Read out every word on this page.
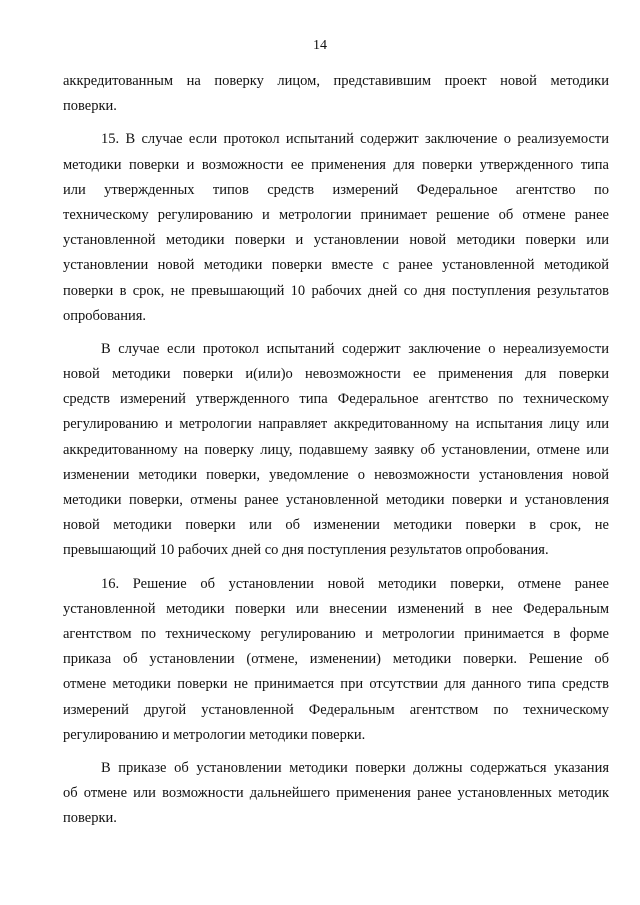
14
аккредитованным на поверку лицом, представившим проект новой методики
поверки.
15. В случае если протокол испытаний содержит заключение о реализуемости
методики поверки и возможности ее применения для поверки утвержденного типа
или утвержденных типов средств измерений Федеральное агентство по
техническому регулированию и метрологии принимает решение об отмене ранее
установленной методики поверки и установлении новой методики поверки или
установлении новой методики поверки вместе с ранее установленной методикой
поверки в срок, не превышающий 10 рабочих дней со дня поступления результатов
опробования.
В случае если протокол испытаний содержит заключение о нереализуемости
новой методики поверки и(или)о невозможности ее применения для поверки
средств измерений утвержденного типа Федеральное агентство по техническому
регулированию и метрологии направляет аккредитованному на испытания лицу или
аккредитованному на поверку лицу, подавшему заявку об установлении, отмене или
изменении методики поверки, уведомление о невозможности установления новой
методики поверки, отмены ранее установленной методики поверки и установления
новой методики поверки или об изменении методики поверки в срок, не
превышающий 10 рабочих дней со дня поступления результатов опробования.
16. Решение об установлении новой методики поверки, отмене ранее
установленной методики поверки или внесении изменений в нее Федеральным
агентством по техническому регулированию и метрологии принимается в форме
приказа об установлении (отмене, изменении) методики поверки. Решение об
отмене методики поверки не принимается при отсутствии для данного типа средств
измерений другой установленной Федеральным агентством по техническому
регулированию и метрологии методики поверки.
В приказе об установлении методики поверки должны содержаться указания
об отмене или возможности дальнейшего применения ранее установленных методик
поверки.
